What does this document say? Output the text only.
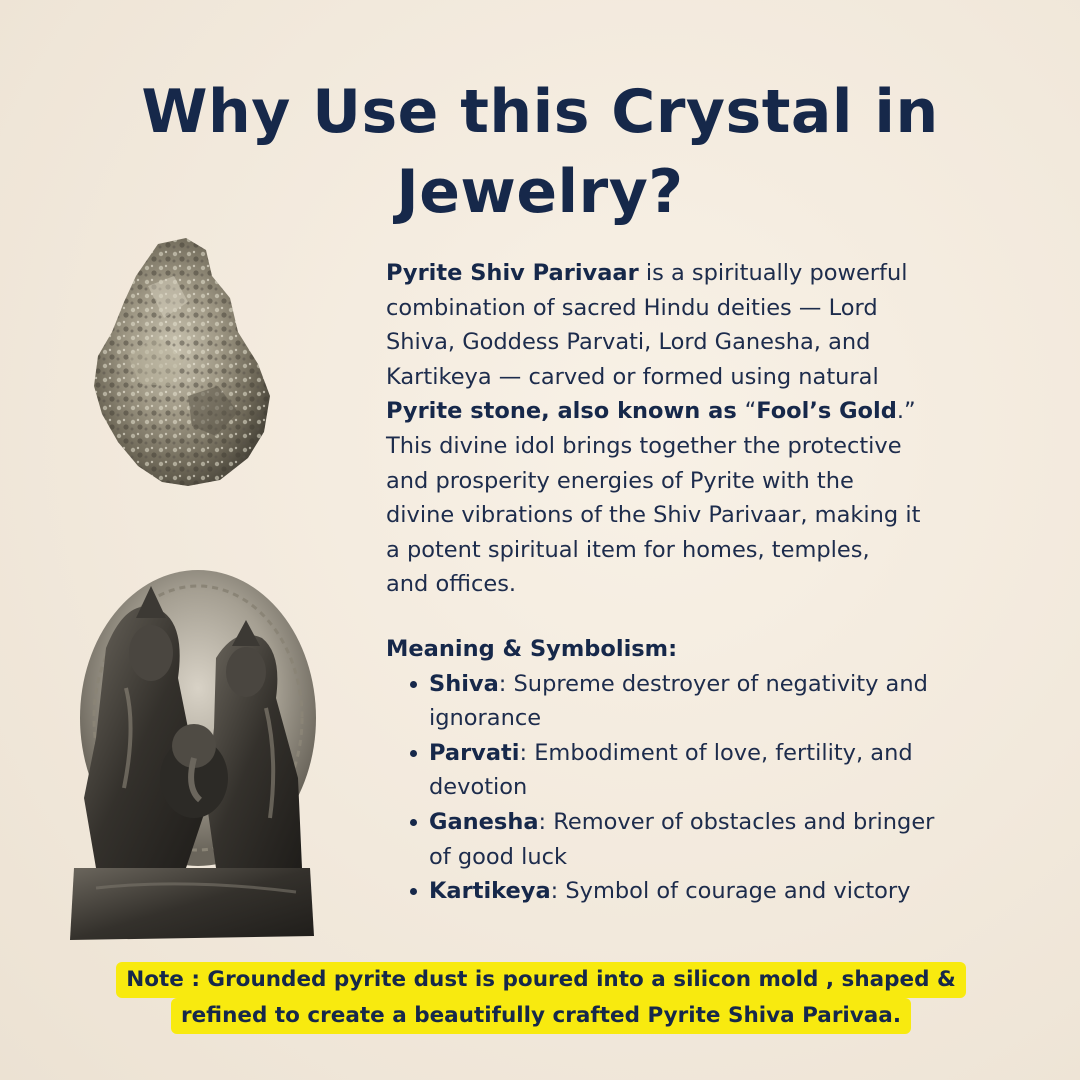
Why Use this Crystal in
Jewelry?

Pyrite Shiv Parivaar is a spiritually powerful
combination of sacred Hindu deities — Lord
Shiva, Goddess Parvati, Lord Ganesha, and
Kartikeya — carved or formed using natural
Pyrite stone, also known as “Fool’s Gold.”
This divine idol brings together the protective
and prosperity energies of Pyrite with the
divine vibrations of the Shiv Parivaar, making it
a potent spiritual item for homes, temples,
and offices.

Meaning & Symbolism:
Shiva: Supreme destroyer of negativity and
ignorance
Parvati: Embodiment of love, fertility, and
devotion
Ganesha: Remover of obstacles and bringer
of good luck
Kartikeya: Symbol of courage and victory
Note : Grounded pyrite dust is poured into a silicon mold , shaped &
refined to create a beautifully crafted Pyrite Shiva Parivaa.
